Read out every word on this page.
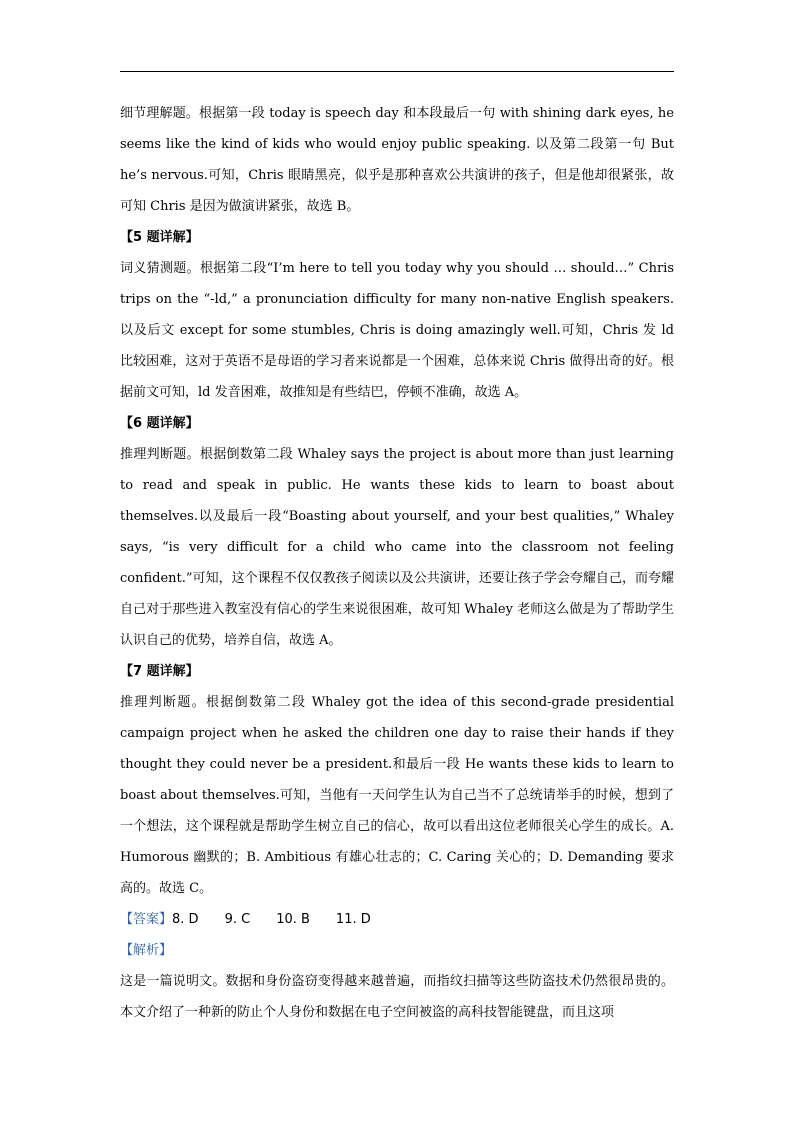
细节理解题。根据第一段 today is speech day 和本段最后一句 with shining dark eyes, he seems like the kind of kids who would enjoy public speaking. 以及第二段第一句 But he’s nervous.可知，Chris 眼睛黑亮，似乎是那种喜欢公共演讲的孩子，但是他却很紧张，故可知 Chris 是因为做演讲紧张，故选 B。

【5 题详解】

词义猜测题。根据第二段“I’m here to tell you today why you should … should…” Chris trips on the “-ld,” a pronunciation difficulty for many non-native English speakers.以及后文 except for some stumbles, Chris is doing amazingly well.可知，Chris 发 ld 比较困难，这对于英语不是母语的学习者来说都是一个困难，总体来说 Chris 做得出奇的好。根据前文可知，ld 发音困难，故推知是有些结巴，停顿不准确，故选 A。

【6 题详解】

推理判断题。根据倒数第二段 Whaley says the project is about more than just learning to read and speak in public. He wants these kids to learn to boast about themselves.以及最后一段“Boasting about yourself, and your best qualities,” Whaley says, “is very difficult for a child who came into the classroom not feeling confident.”可知，这个课程不仅仅教孩子阅读以及公共演讲，还要让孩子学会夸耀自己，而夸耀自己对于那些进入教室没有信心的学生来说很困难，故可知 Whaley 老师这么做是为了帮助学生认识自己的优势，培养自信，故选 A。

【7 题详解】

推理判断题。根据倒数第二段 Whaley got the idea of this second-grade presidential campaign project when he asked the children one day to raise their hands if they thought they could never be a president.和最后一段 He wants these kids to learn to boast about themselves.可知，当他有一天问学生认为自己当不了总统请举手的时候，想到了一个想法，这个课程就是帮助学生树立自己的信心，故可以看出这位老师很关心学生的成长。A. Humorous 幽默的；B. Ambitious 有雄心壮志的；C. Caring 关心的；D. Demanding 要求高的。故选 C。

【答案】8. D 9. C 10. B 11. D

【解析】

这是一篇说明文。数据和身份盗窃变得越来越普遍，而指纹扫描等这些防盗技术仍然很昂贵的。本文介绍了一种新的防止个人身份和数据在电子空间被盗的高科技智能键盘，而且这项
